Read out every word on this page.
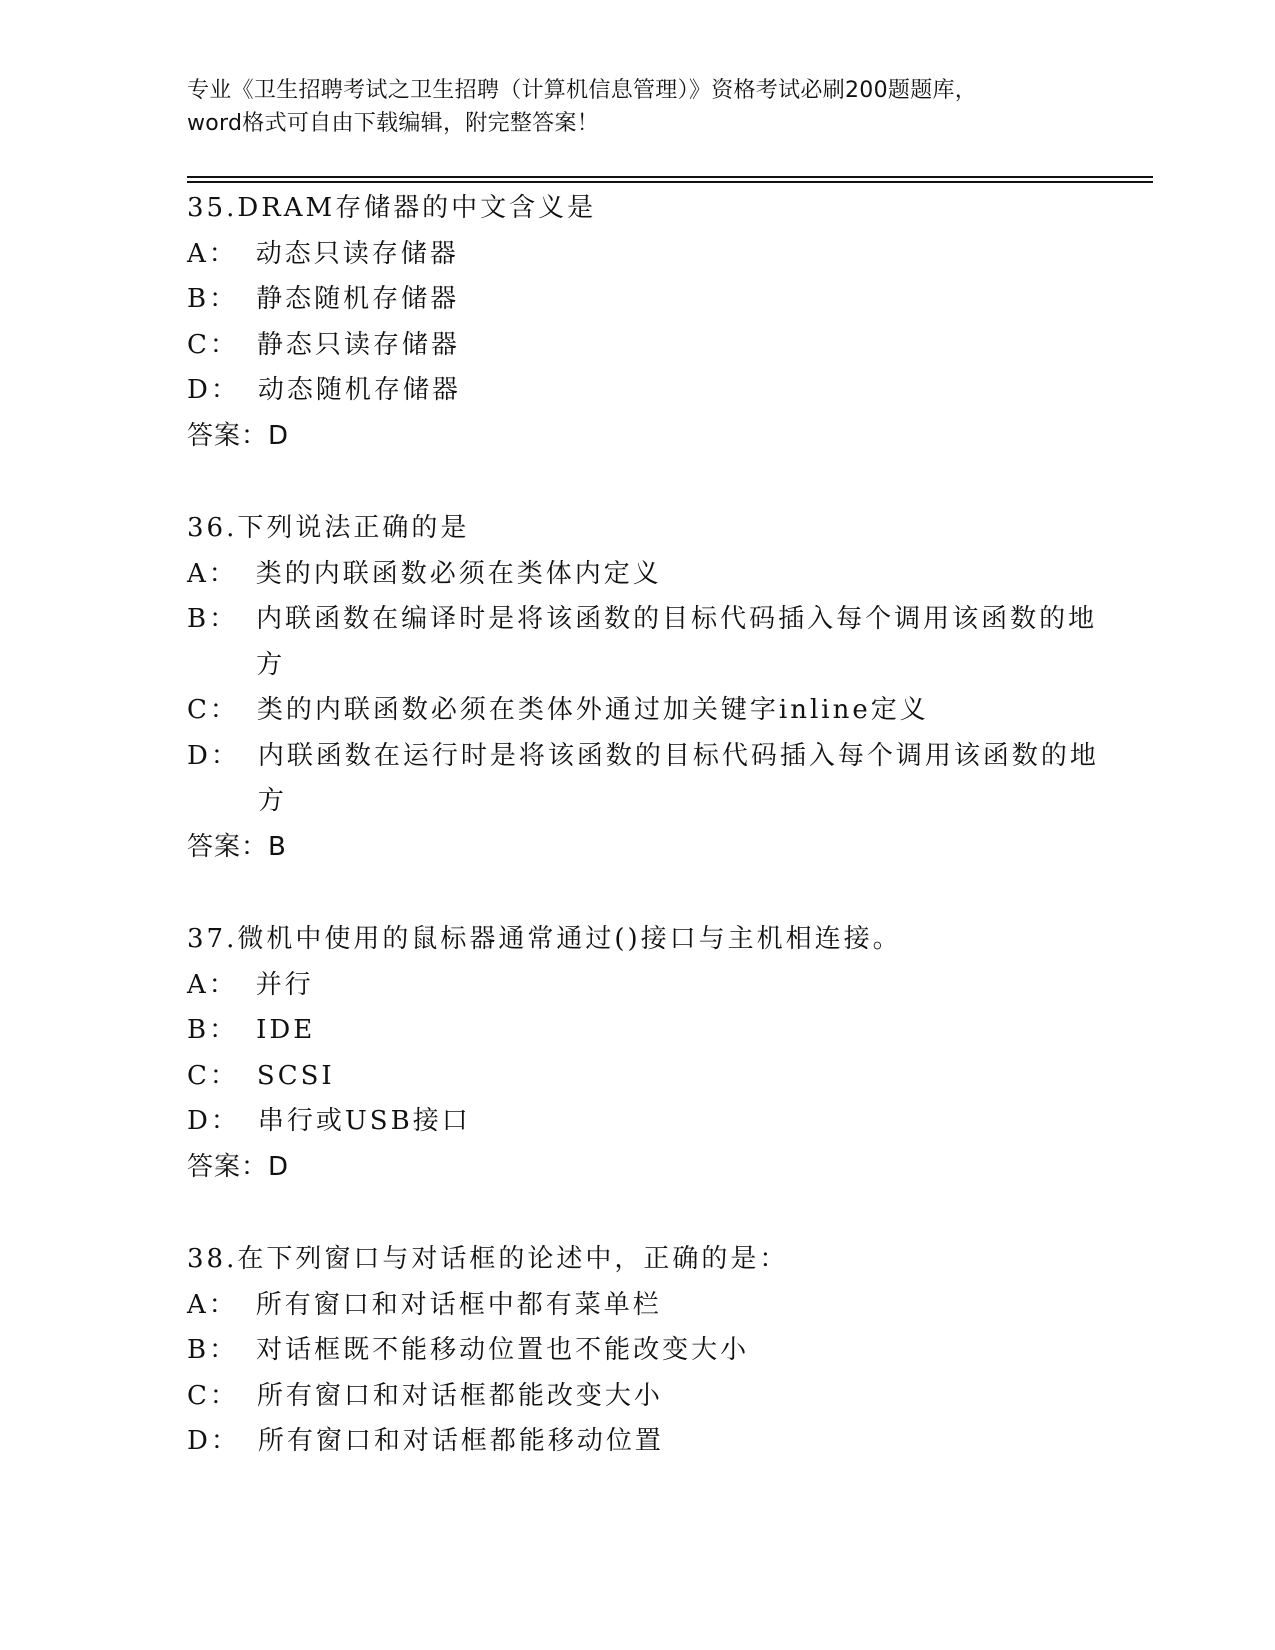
专业《卫生招聘考试之卫生招聘（计算机信息管理）》资格考试必刷200题题库，
word格式可自由下载编辑，附完整答案！
35.DRAM存储器的中文含义是
A： 动态只读存储器
B： 静态随机存储器
C： 静态只读存储器
D： 动态随机存储器
答案：D
36.下列说法正确的是
A： 类的内联函数必须在类体内定义
B： 内联函数在编译时是将该函数的目标代码插入每个调用该函数的地方
C： 类的内联函数必须在类体外通过加关键字inline定义
D： 内联函数在运行时是将该函数的目标代码插入每个调用该函数的地方
答案：B
37.微机中使用的鼠标器通常通过()接口与主机相连接。
A： 并行
B： IDE
C： SCSI
D： 串行或USB接口
答案：D
38.在下列窗口与对话框的论述中，正确的是：
A： 所有窗口和对话框中都有菜单栏
B： 对话框既不能移动位置也不能改变大小
C： 所有窗口和对话框都能改变大小
D： 所有窗口和对话框都能移动位置
